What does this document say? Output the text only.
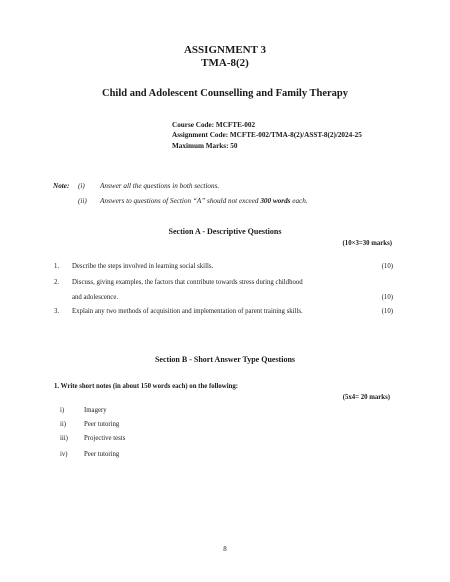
ASSIGNMENT 3
TMA-8(2)
Child and Adolescent Counselling and Family Therapy
Course Code: MCFTE-002
Assignment Code: MCFTE-002/TMA-8(2)/ASST-8(2)/2024-25
Maximum Marks: 50
Note: (i) Answer all the questions in both sections.
(ii) Answers to questions of Section “A” should not exceed 300 words each.
Section A - Descriptive Questions
(10×3=30 marks)
1. Describe the steps involved in learning social skills.	(10)
2. Discuss, giving examples, the factors that contribute towards stress during childhood
and adolescence.	(10)
3. Explain any two methods of acquisition and implementation of parent training skills.	(10)
Section B - Short Answer Type Questions
1. Write short notes (in about 150 words each) on the following:
(5x4= 20 marks)
i)	Imagery
ii)	Peer tutoring
iii) Projective tests
iv) Peer tutoring
8
